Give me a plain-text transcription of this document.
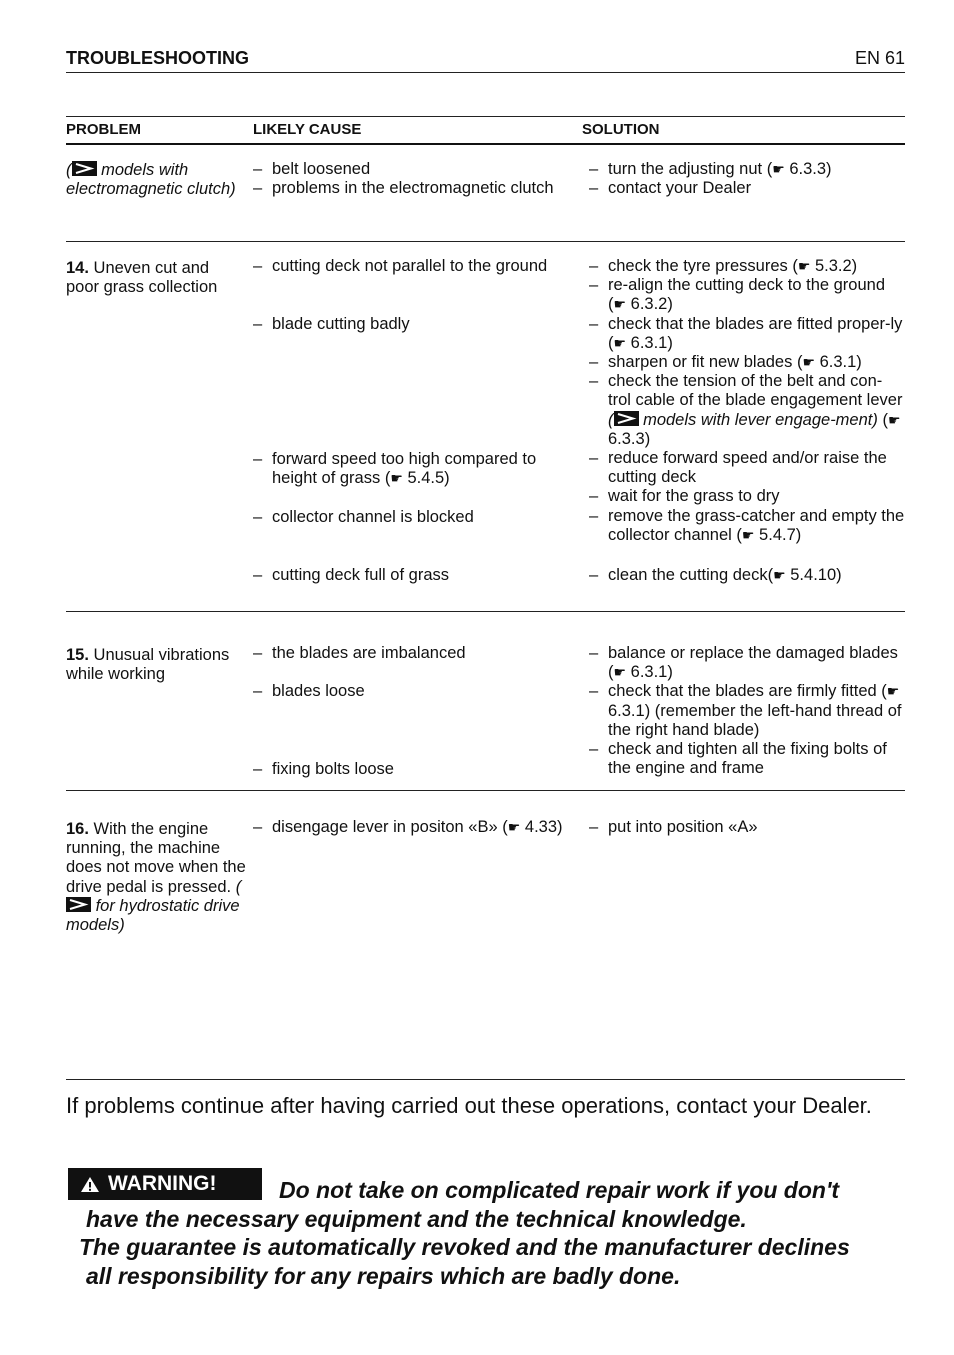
TROUBLESHOOTING	EN 61
PROBLEM	LIKELY CAUSE	SOLUTION
( models with electromagnetic clutch)
– belt loosened
– problems in the electromagnetic clutch
– turn the adjusting nut (☛ 6.3.3)
– contact your Dealer
14. Uneven cut and poor grass collection
– cutting deck not parallel to the ground
– blade cutting badly
– forward speed too high compared to height of grass (☛ 5.4.5)
– collector channel is blocked
– cutting deck full of grass
– check the tyre pressures (☛ 5.3.2)
– re-align the cutting deck to the ground (☛ 6.3.2)
– check that the blades are fitted proper-ly (☛ 6.3.1)
– sharpen or fit new blades (☛ 6.3.1)
– check the tension of the belt and con-trol cable of the blade engagement lever ( models with lever engage-ment) (☛ 6.3.3)
– reduce forward speed and/or raise the cutting deck
– wait for the grass to dry
– remove the grass-catcher and empty the collector channel (☛ 5.4.7)
– clean the cutting deck(☛ 5.4.10)
15. Unusual vibrations while working
– the blades are imbalanced
– blades loose
– fixing bolts loose
– balance or replace the damaged blades (☛ 6.3.1)
– check that the blades are firmly fitted (☛ 6.3.1) (remember the left-hand thread of the right hand blade)
– check and tighten all the fixing bolts of the engine and frame
16. With the engine running, the machine does not move when the drive pedal is pressed. ( for hydrostatic drive models)
– disengage lever in positon «B» (☛ 4.33)
–	put into position «A»
If problems continue after having carried out these operations, contact your Dealer.
WARNING!	Do not take on complicated repair work if you don't
have the necessary equipment and the technical knowledge.
The guarantee is automatically revoked and the manufacturer declines
all responsibility for any repairs which are badly done.
